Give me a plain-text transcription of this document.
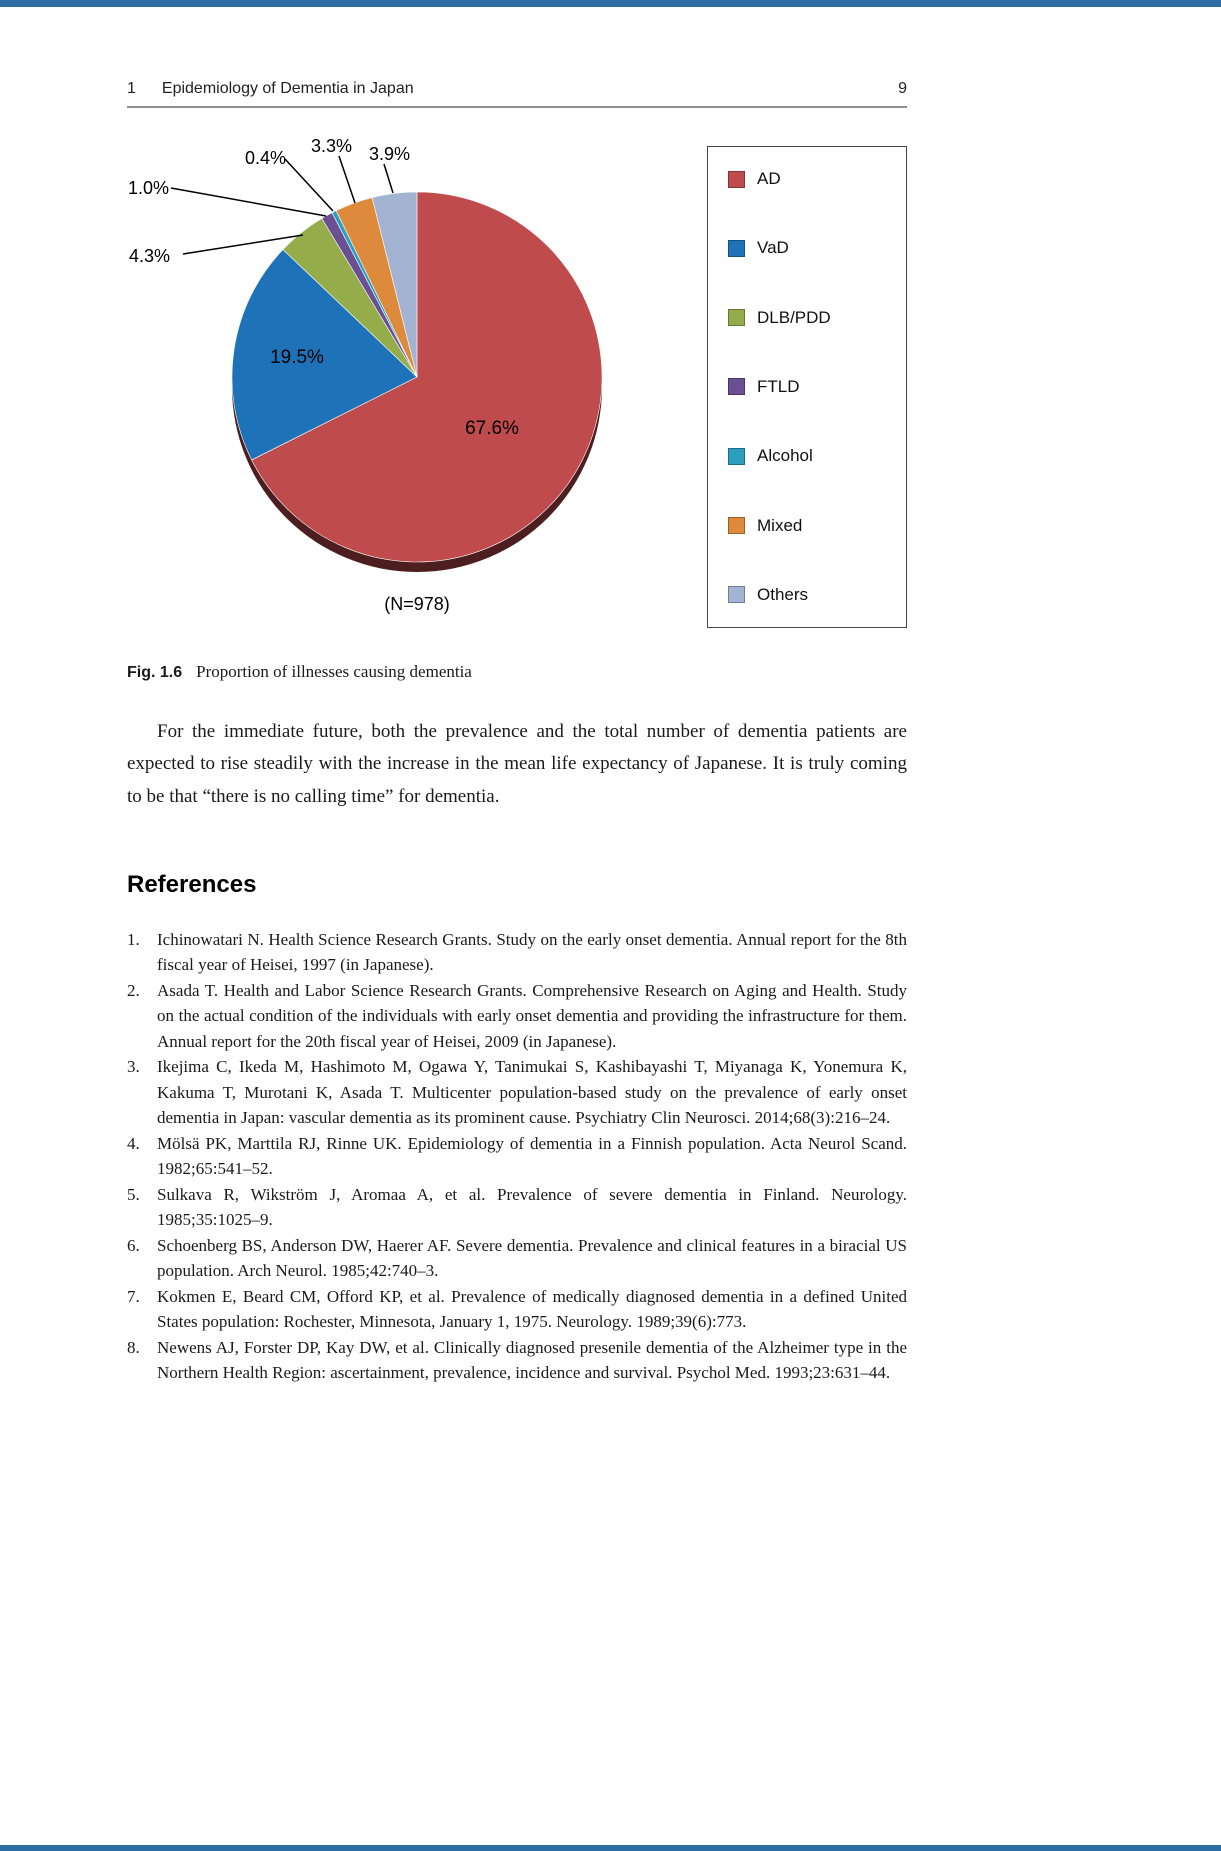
1 Epidemiology of Dementia in Japan	9
67.6%
19.5%
4.3%
1.0%
0.4%
3.3% 3.9%
(N=978)
AD
VaD
DLB/PDD
FTLD
Alcohol
Mixed
Others
Fig. 1.6 Proportion of illnesses causing dementia

For the immediate future, both the prevalence and the total number of dementia patients are expected to rise steadily with the increase in the mean life expectancy of Japanese. It is truly coming to be that “there is no calling time” for dementia.

References
1.	Ichinowatari N. Health Science Research Grants. Study on the early onset dementia. Annual report for the 8th fiscal year of Heisei, 1997 (in Japanese).
2.	Asada T. Health and Labor Science Research Grants. Comprehensive Research on Aging and Health. Study on the actual condition of the individuals with early onset dementia and providing the infrastructure for them. Annual report for the 20th fiscal year of Heisei, 2009 (in Japanese).
3.	Ikejima C, Ikeda M, Hashimoto M, Ogawa Y, Tanimukai S, Kashibayashi T, Miyanaga K, Yonemura K, Kakuma T, Murotani K, Asada T. Multicenter population-based study on the prevalence of early onset dementia in Japan: vascular dementia as its prominent cause. Psychiatry Clin Neurosci. 2014;68(3):216–24.
4.	Mölsä PK, Marttila RJ, Rinne UK. Epidemiology of dementia in a Finnish population. Acta Neurol Scand. 1982;65:541–52.
5.	Sulkava R, Wikström J, Aromaa A, et al. Prevalence of severe dementia in Finland. Neurology. 1985;35:1025–9.
6.	Schoenberg BS, Anderson DW, Haerer AF. Severe dementia. Prevalence and clinical features in a biracial US population. Arch Neurol. 1985;42:740–3.
7.	Kokmen E, Beard CM, Offord KP, et al. Prevalence of medically diagnosed dementia in a defined United States population: Rochester, Minnesota, January 1, 1975. Neurology. 1989;39(6):773.
8.	Newens AJ, Forster DP, Kay DW, et al. Clinically diagnosed presenile dementia of the Alzheimer type in the Northern Health Region: ascertainment, prevalence, incidence and survival. Psychol Med. 1993;23:631–44.
